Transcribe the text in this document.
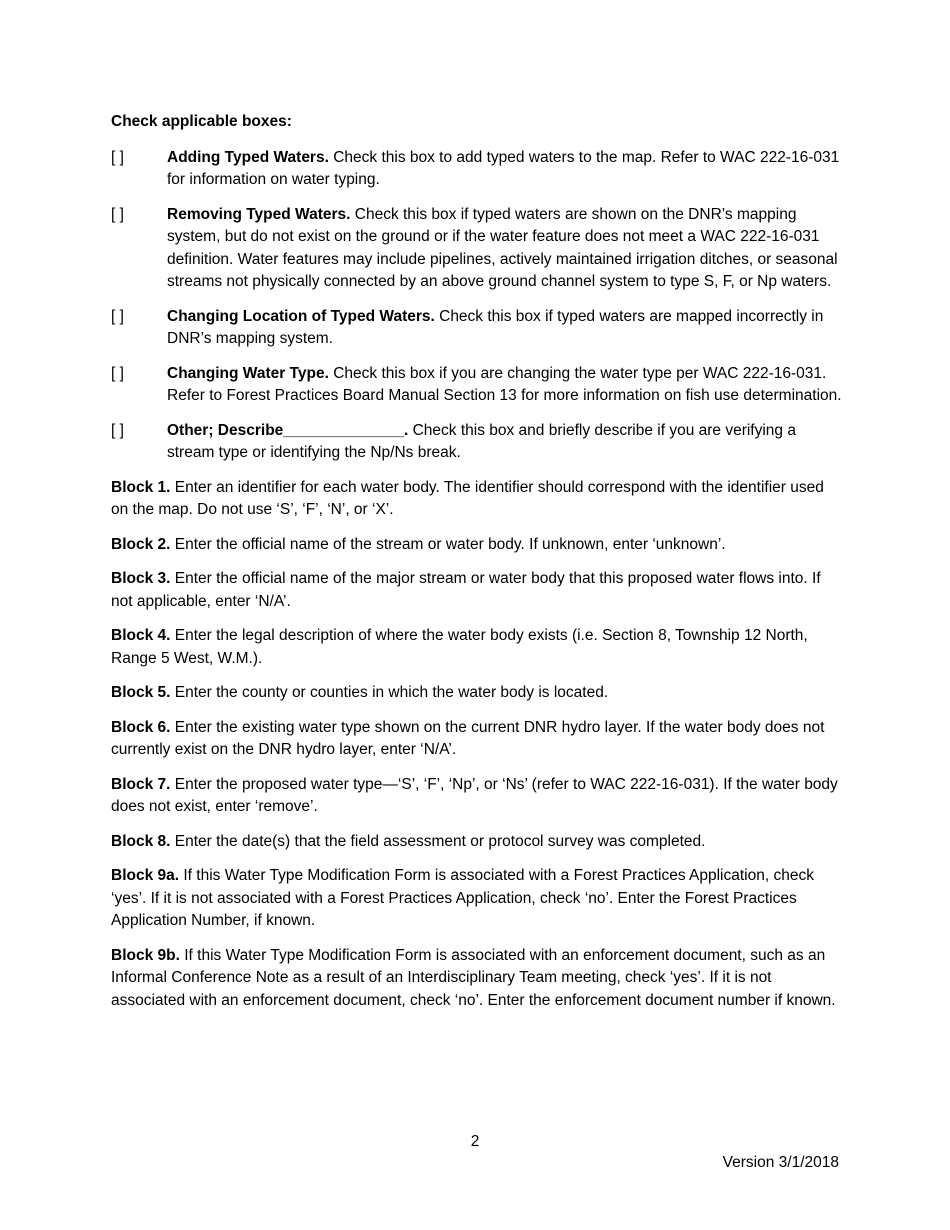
Check applicable boxes:

[ ]	Adding Typed Waters. Check this box to add typed waters to the map. Refer to WAC 222-16-031 for information on water typing.
[ ]	Removing Typed Waters. Check this box if typed waters are shown on the DNR’s mapping system, but do not exist on the ground or if the water feature does not meet a WAC 222-16-031 definition. Water features may include pipelines, actively maintained irrigation ditches, or seasonal streams not physically connected by an above ground channel system to type S, F, or Np waters.
[ ]	Changing Location of Typed Waters. Check this box if typed waters are mapped incorrectly in DNR’s mapping system.
[ ]	Changing Water Type. Check this box if you are changing the water type per WAC 222-16-031. Refer to Forest Practices Board Manual Section 13 for more information on fish use determination.
[ ]	Other; Describe______________. Check this box and briefly describe if you are verifying a stream type or identifying the Np/Ns break.

Block 1. Enter an identifier for each water body. The identifier should correspond with the identifier used on the map. Do not use ‘S’, ‘F’, ‘N’, or ‘X’.

Block 2. Enter the official name of the stream or water body. If unknown, enter ‘unknown’.

Block 3. Enter the official name of the major stream or water body that this proposed water flows into. If not applicable, enter ‘N/A’.

Block 4. Enter the legal description of where the water body exists (i.e. Section 8, Township 12 North, Range 5 West, W.M.).

Block 5. Enter the county or counties in which the water body is located.

Block 6. Enter the existing water type shown on the current DNR hydro layer. If the water body does not currently exist on the DNR hydro layer, enter ‘N/A’.

Block 7. Enter the proposed water type—‘S’, ‘F’, ‘Np’, or ‘Ns’ (refer to WAC 222-16-031). If the water body does not exist, enter ‘remove’.

Block 8. Enter the date(s) that the field assessment or protocol survey was completed.

Block 9a. If this Water Type Modification Form is associated with a Forest Practices Application, check ‘yes’. If it is not associated with a Forest Practices Application, check ‘no’. Enter the Forest Practices Application Number, if known.

Block 9b. If this Water Type Modification Form is associated with an enforcement document, such as an Informal Conference Note as a result of an Interdisciplinary Team meeting, check ‘yes’. If it is not associated with an enforcement document, check ‘no’. Enter the enforcement document number if known.

2
Version 3/1/2018
